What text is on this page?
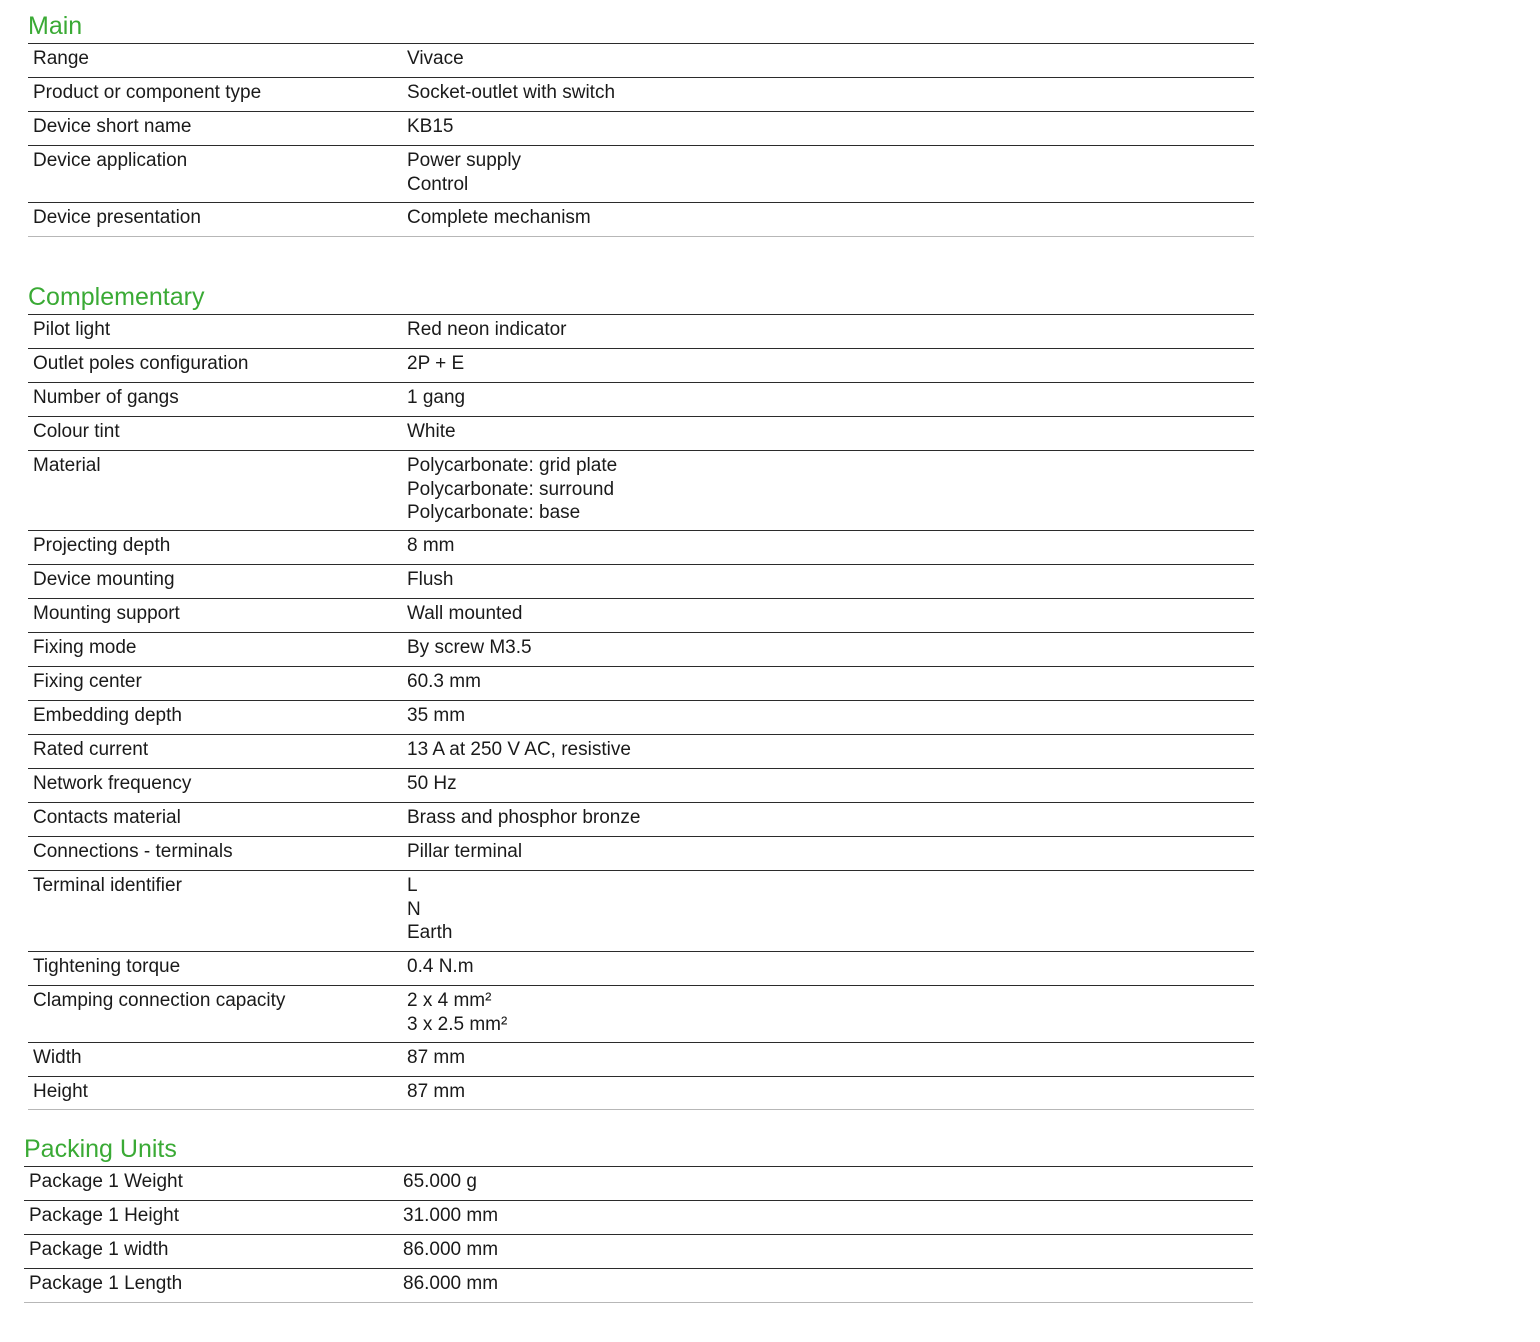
Main
Range	Vivace
Product or component type	Socket-outlet with switch
Device short name	KB15
Device application	Power supply
Control
Device presentation	Complete mechanism
Complementary
Pilot light	Red neon indicator
Outlet poles configuration	2P + E
Number of gangs	1 gang
Colour tint	White
Material	Polycarbonate: grid plate
Polycarbonate: surround
Polycarbonate: base
Projecting depth	8 mm
Device mounting	Flush
Mounting support	Wall mounted
Fixing mode	By screw M3.5
Fixing center	60.3 mm
Embedding depth	35 mm
Rated current	13 A at 250 V AC, resistive
Network frequency	50 Hz
Contacts material	Brass and phosphor bronze
Connections - terminals	Pillar terminal
Terminal identifier	L
N
Earth
Tightening torque	0.4 N.m
Clamping connection capacity	2 x 4 mm²
3 x 2.5 mm²
Width	87 mm
Height	87 mm
Packing Units
Package 1 Weight	65.000 g
Package 1 Height	31.000 mm
Package 1 width	86.000 mm
Package 1 Length	86.000 mm
